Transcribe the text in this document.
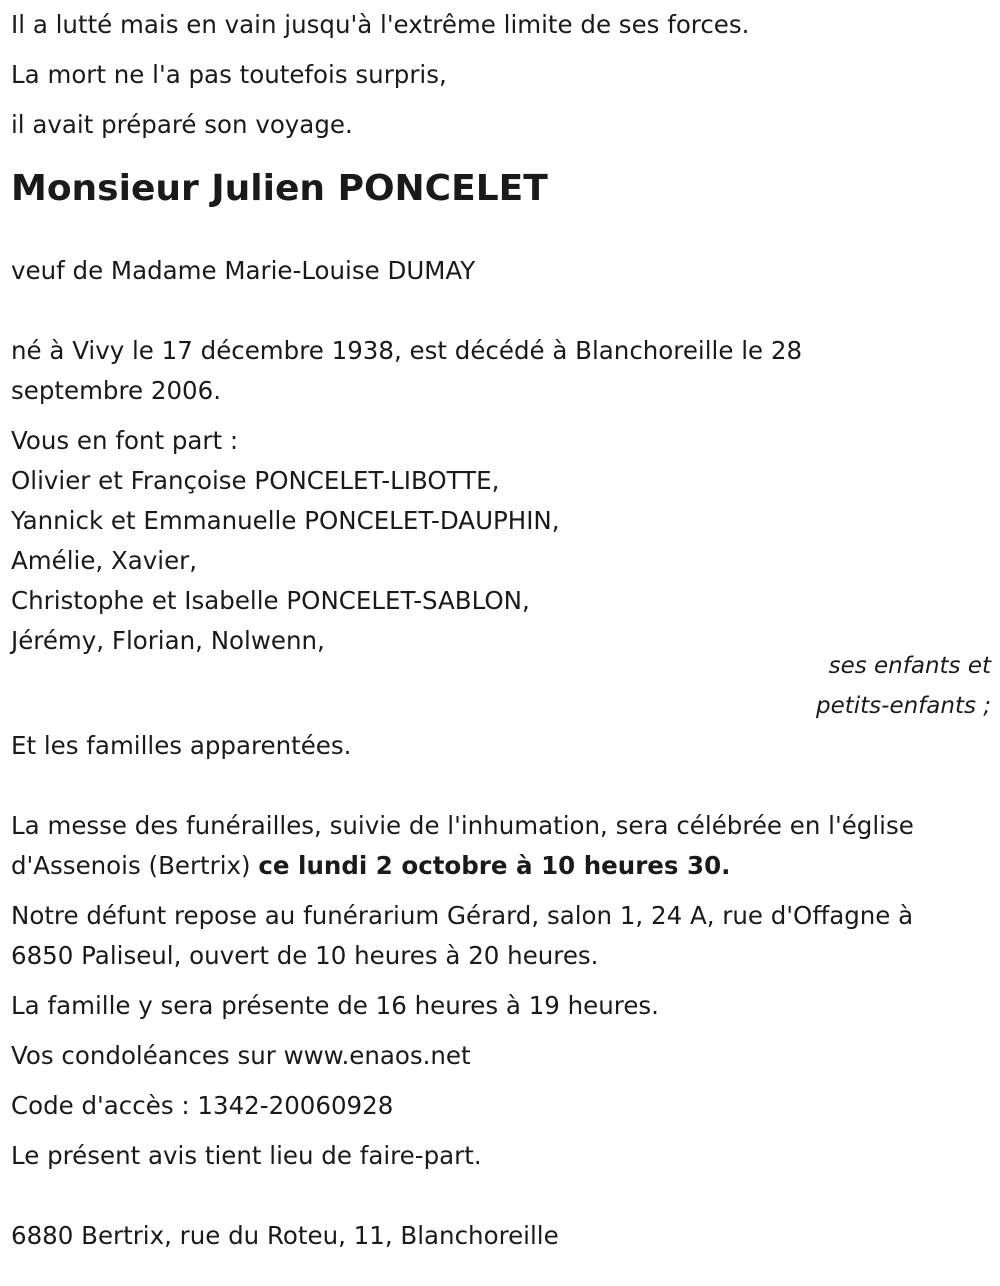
Il a lutté mais en vain jusqu'à l'extrême limite de ses forces.

La mort ne l'a pas toutefois surpris,

il avait préparé son voyage.

Monsieur Julien PONCELET

veuf de Madame Marie-Louise DUMAY

né à Vivy le 17 décembre 1938, est décédé à Blanchoreille le 28

septembre 2006.

Vous en font part :

Olivier et Françoise PONCELET-LIBOTTE,

Yannick et Emmanuelle PONCELET-DAUPHIN,

Amélie, Xavier,

Christophe et Isabelle PONCELET-SABLON,

Jérémy, Florian, Nolwenn,

ses enfants et

petits-enfants ;

Et les familles apparentées.

La messe des funérailles, suivie de l'inhumation, sera célébrée en l'église

d'Assenois (Bertrix) ce lundi 2 octobre à 10 heures 30.

Notre défunt repose au funérarium Gérard, salon 1, 24 A, rue d'Offagne à

6850 Paliseul, ouvert de 10 heures à 20 heures.

La famille y sera présente de 16 heures à 19 heures.

Vos condoléances sur www.enaos.net

Code d'accès : 1342-20060928

Le présent avis tient lieu de faire-part.

6880 Bertrix, rue du Roteu, 11, Blanchoreille
